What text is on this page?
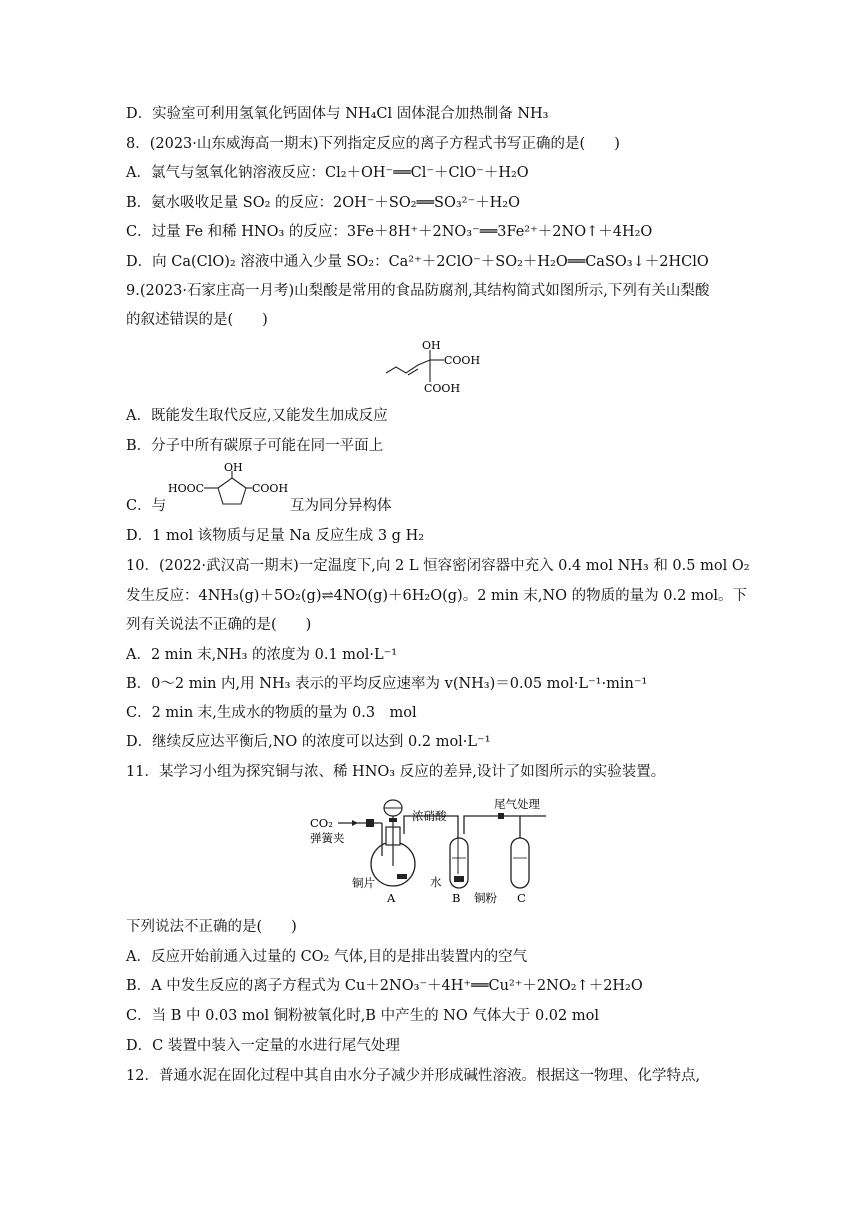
D．实验室可利用氢氧化钙固体与 NH₄Cl 固体混合加热制备 NH₃
8．(2023·山东威海高一期末)下列指定反应的离子方程式书写正确的是(　　)
A．氯气与氢氧化钠溶液反应：Cl₂＋OH⁻══Cl⁻＋ClO⁻＋H₂O
B．氨水吸收足量 SO₂ 的反应：2OH⁻＋SO₂══SO₃²⁻＋H₂O
C．过量 Fe 和稀 HNO₃ 的反应：3Fe＋8H⁺＋2NO₃⁻══3Fe²⁺＋2NO↑＋4H₂O
D．向 Ca(ClO)₂ 溶液中通入少量 SO₂：Ca²⁺＋2ClO⁻＋SO₂＋H₂O══CaSO₃↓＋2HClO
9.(2023·石家庄高一月考)山梨酸是常用的食品防腐剂,其结构简式如图所示,下列有关山梨酸
的叙述错误的是(　　)
OH
COOH
COOH
A．既能发生取代反应,又能发生加成反应
B．分子中所有碳原子可能在同一平面上
C．与
OH
HOOC	COOH
互为同分异构体
D．1 mol 该物质与足量 Na 反应生成 3 g H₂
10．(2022·武汉高一期末)一定温度下,向 2 L 恒容密闭容器中充入 0.4 mol NH₃ 和 0.5 mol O₂
发生反应：4NH₃(g)＋5O₂(g)⇌4NO(g)＋6H₂O(g)。2 min 末,NO 的物质的量为 0.2 mol。下
列有关说法不正确的是(　　)
A．2 min 末,NH₃ 的浓度为 0.1 mol·L⁻¹
B．0～2 min 内,用 NH₃ 表示的平均反应速率为 v(NH₃)＝0.05 mol·L⁻¹·min⁻¹
C．2 min 末,生成水的物质的量为 0.3　mol
D．继续反应达平衡后,NO 的浓度可以达到 0.2 mol·L⁻¹
11．某学习小组为探究铜与浓、稀 HNO₃ 反应的差异,设计了如图所示的实验装置。
CO₂
弹簧夹
浓硝酸
尾气处理
铜片	水
铜粉
A	B	C
下列说法不正确的是(　　)
A．反应开始前通入过量的 CO₂ 气体,目的是排出装置内的空气
B．A 中发生反应的离子方程式为 Cu＋2NO₃⁻＋4H⁺══Cu²⁺＋2NO₂↑＋2H₂O
C．当 B 中 0.03 mol 铜粉被氧化时,B 中产生的 NO 气体大于 0.02 mol
D．C 装置中装入一定量的水进行尾气处理
12．普通水泥在固化过程中其自由水分子减少并形成碱性溶液。根据这一物理、化学特点,
